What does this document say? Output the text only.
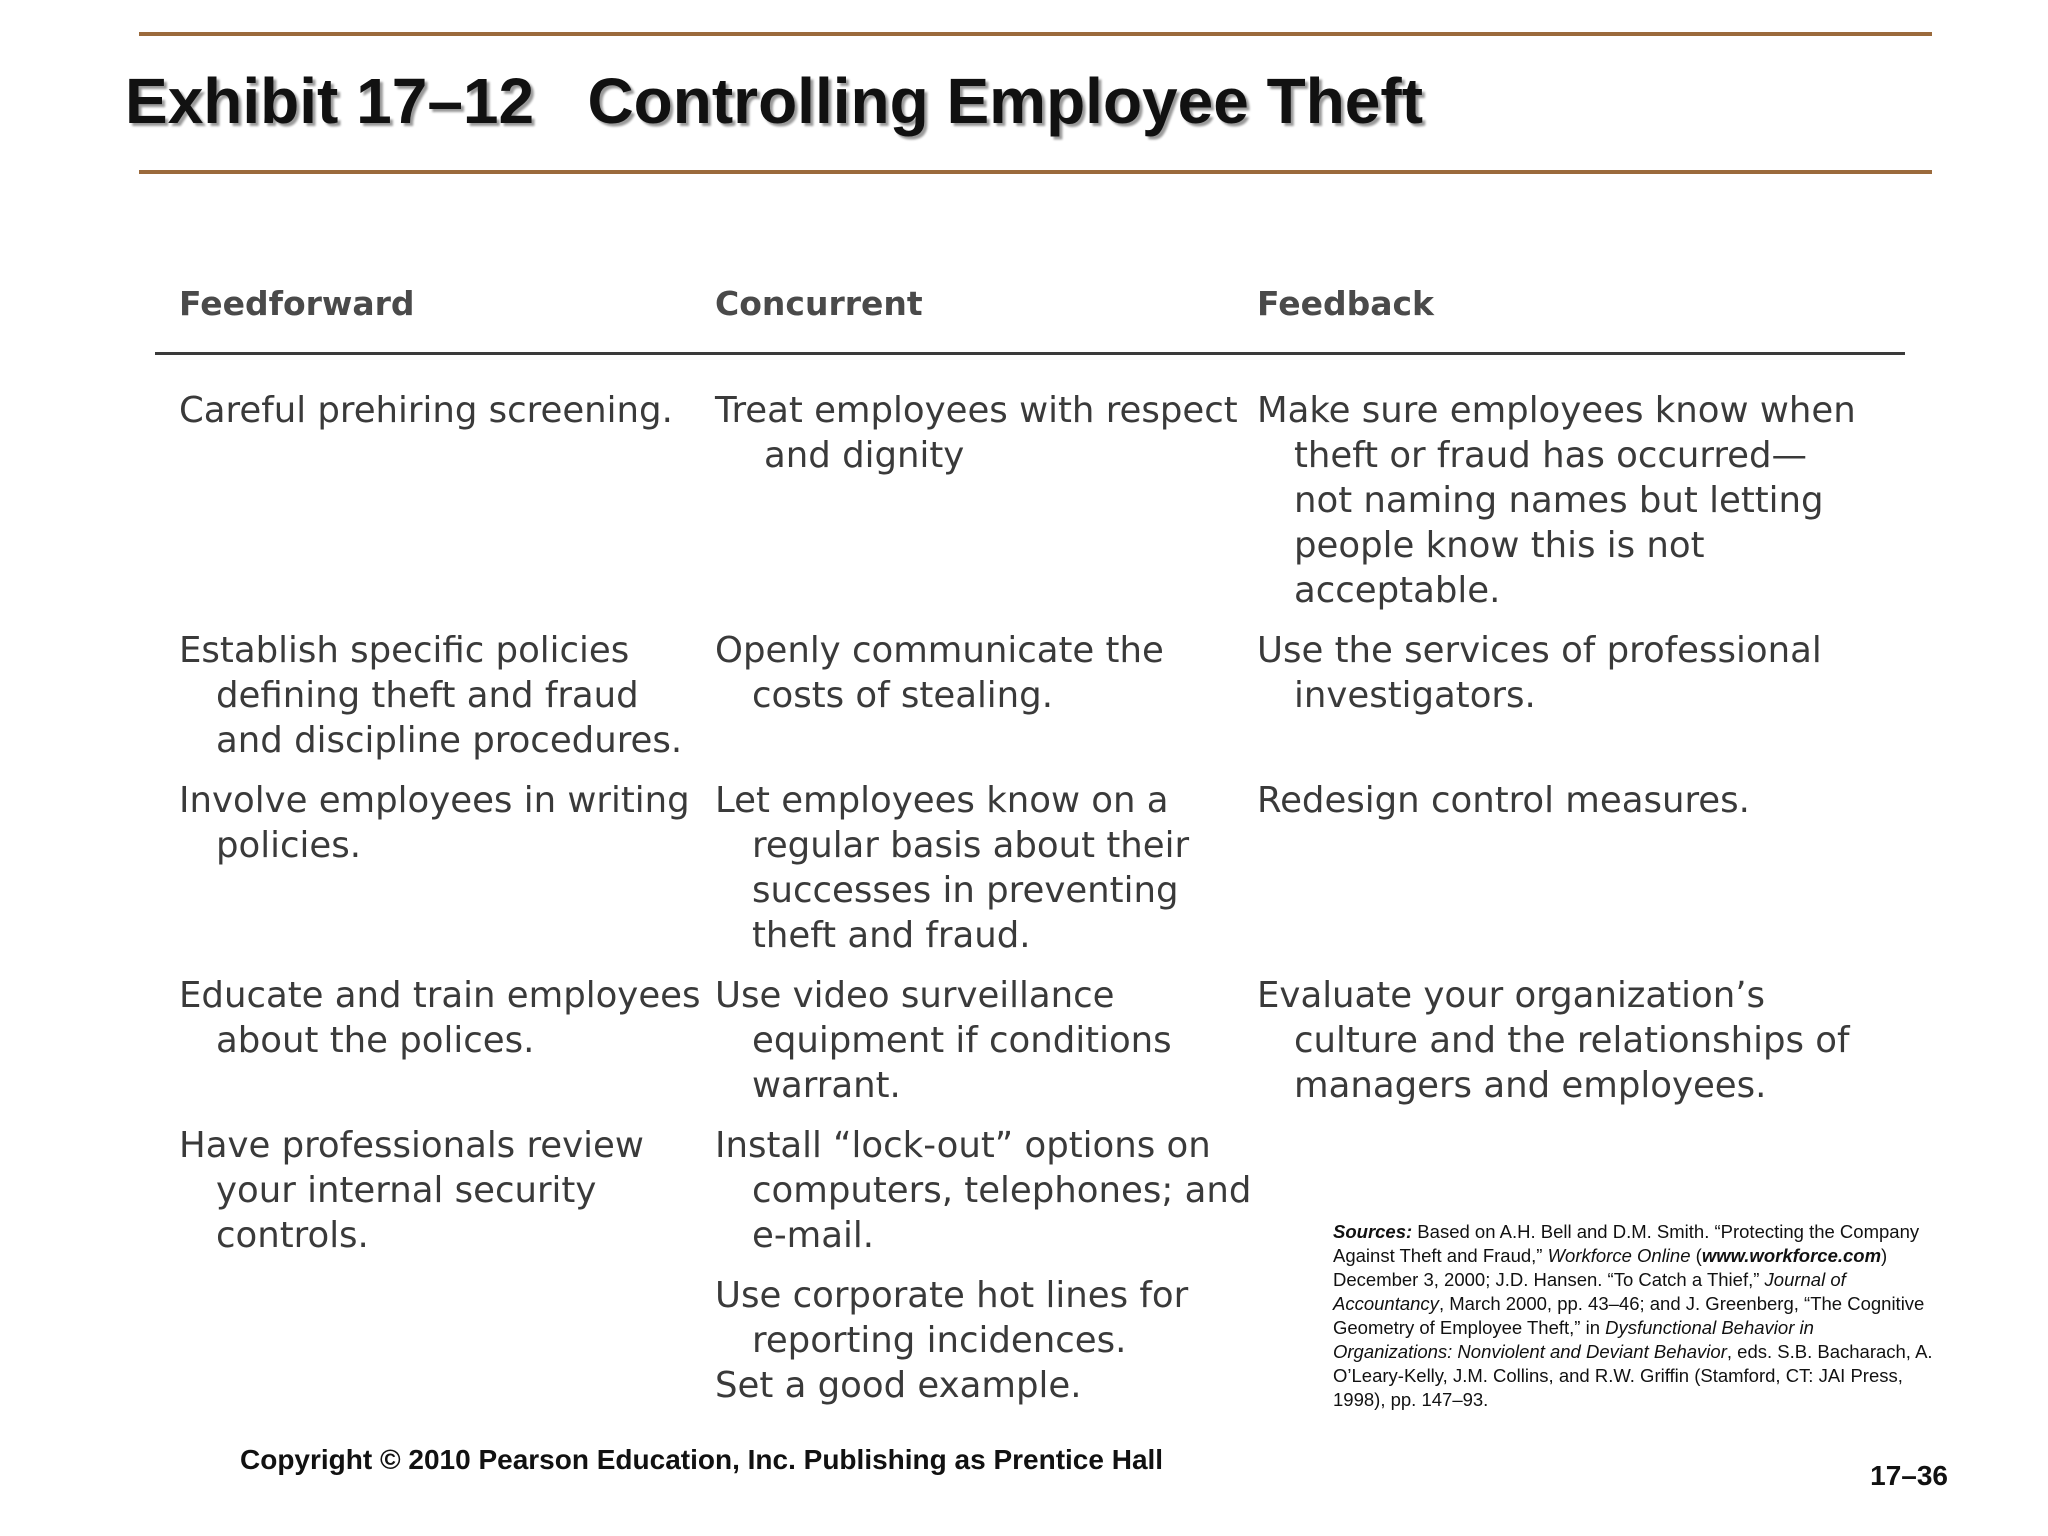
Exhibit 17–12   Controlling Employee Theft
Feedforward	Concurrent	Feedback
Careful prehiring screening.
Establish specific policies defining theft and fraud and discipline procedures.
Involve employees in writing policies.
Educate and train employees about the polices.
Have professionals review your internal security controls.
Treat employees with respect and dignity
Openly communicate the costs of stealing.
Let employees know on a regular basis about their successes in preventing theft and fraud.
Use video surveillance equipment if conditions warrant.
Install “lock-out” options on computers, telephones; and e-mail.
Use corporate hot lines for reporting incidences.
Set a good example.
Make sure employees know when theft or fraud has occurred—not naming names but letting people know this is not acceptable.
Use the services of professional investigators.
Redesign control measures.
Evaluate your organization’s culture and the relationships of managers and employees.
Sources: Based on A.H. Bell and D.M. Smith. “Protecting the Company Against Theft and Fraud,” Workforce Online (www.workforce.com) December 3, 2000; J.D. Hansen. “To Catch a Thief,” Journal of Accountancy, March 2000, pp. 43–46; and J. Greenberg, “The Cognitive Geometry of Employee Theft,” in Dysfunctional Behavior in Organizations: Nonviolent and Deviant Behavior, eds. S.B. Bacharach, A. O’Leary-Kelly, J.M. Collins, and R.W. Griffin (Stamford, CT: JAI Press, 1998), pp. 147–93.
Copyright © 2010 Pearson Education, Inc. Publishing as Prentice Hall
17–36
